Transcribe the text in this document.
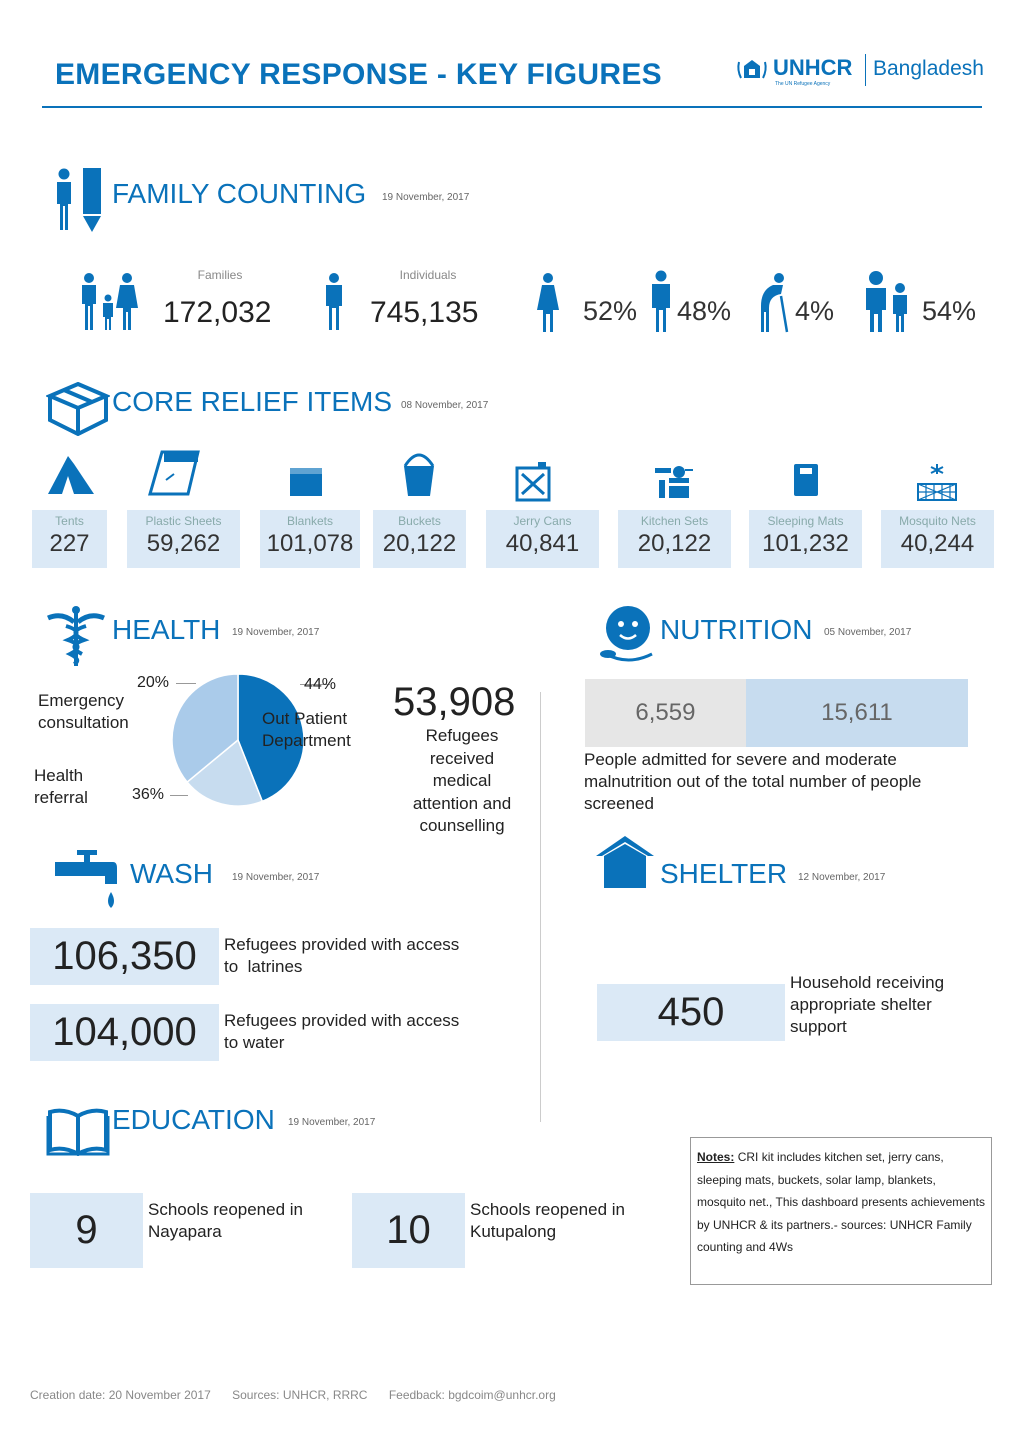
EMERGENCY RESPONSE - KEY FIGURES	UNHCR
The UN Refugee Agency
Bangladesh
FAMILY COUNTING 19 November, 2017
Families
172,032
Individuals
745,135	52% 48% 4%	54%
CORE RELIEF ITEMS 08 November, 2017
Tents
227
Plastic Sheets
59,262
Blankets
101,078
Buckets
20,122
Jerry Cans
40,841
Kitchen Sets
20,122
Sleeping Mats
101,232
Mosquito Nets
40,244
HEALTH 19 November, 2017
44%
Out Patient Department
20%
Emergency consultation
36%
Health referral
53,908
Refugees received medical attention and counselling
NUTRITION 05 November, 2017
6,559	15,611
People admitted for severe and moderate malnutrition out of the total number of people screened
WASH 19 November, 2017
106,350	Refugees provided with access
to  latrines
104,000	Refugees provided with access
to water
SHELTER 12 November, 2017
450
Household receiving
appropriate shelter
support
EDUCATION 19 November, 2017
9	Schools reopened in
Nayapara	10	Schools reopened in
Kutupalong
Notes: CRI kit includes kitchen set, jerry cans, sleeping mats, buckets, solar lamp, blankets, mosquito net., This dashboard presents achievements by UNHCR & its partners.- sources: UNHCR Family counting and 4Ws
Creation date: 20 November 2017 Sources: UNHCR, RRRC Feedback: bgdcoim@unhcr.org
